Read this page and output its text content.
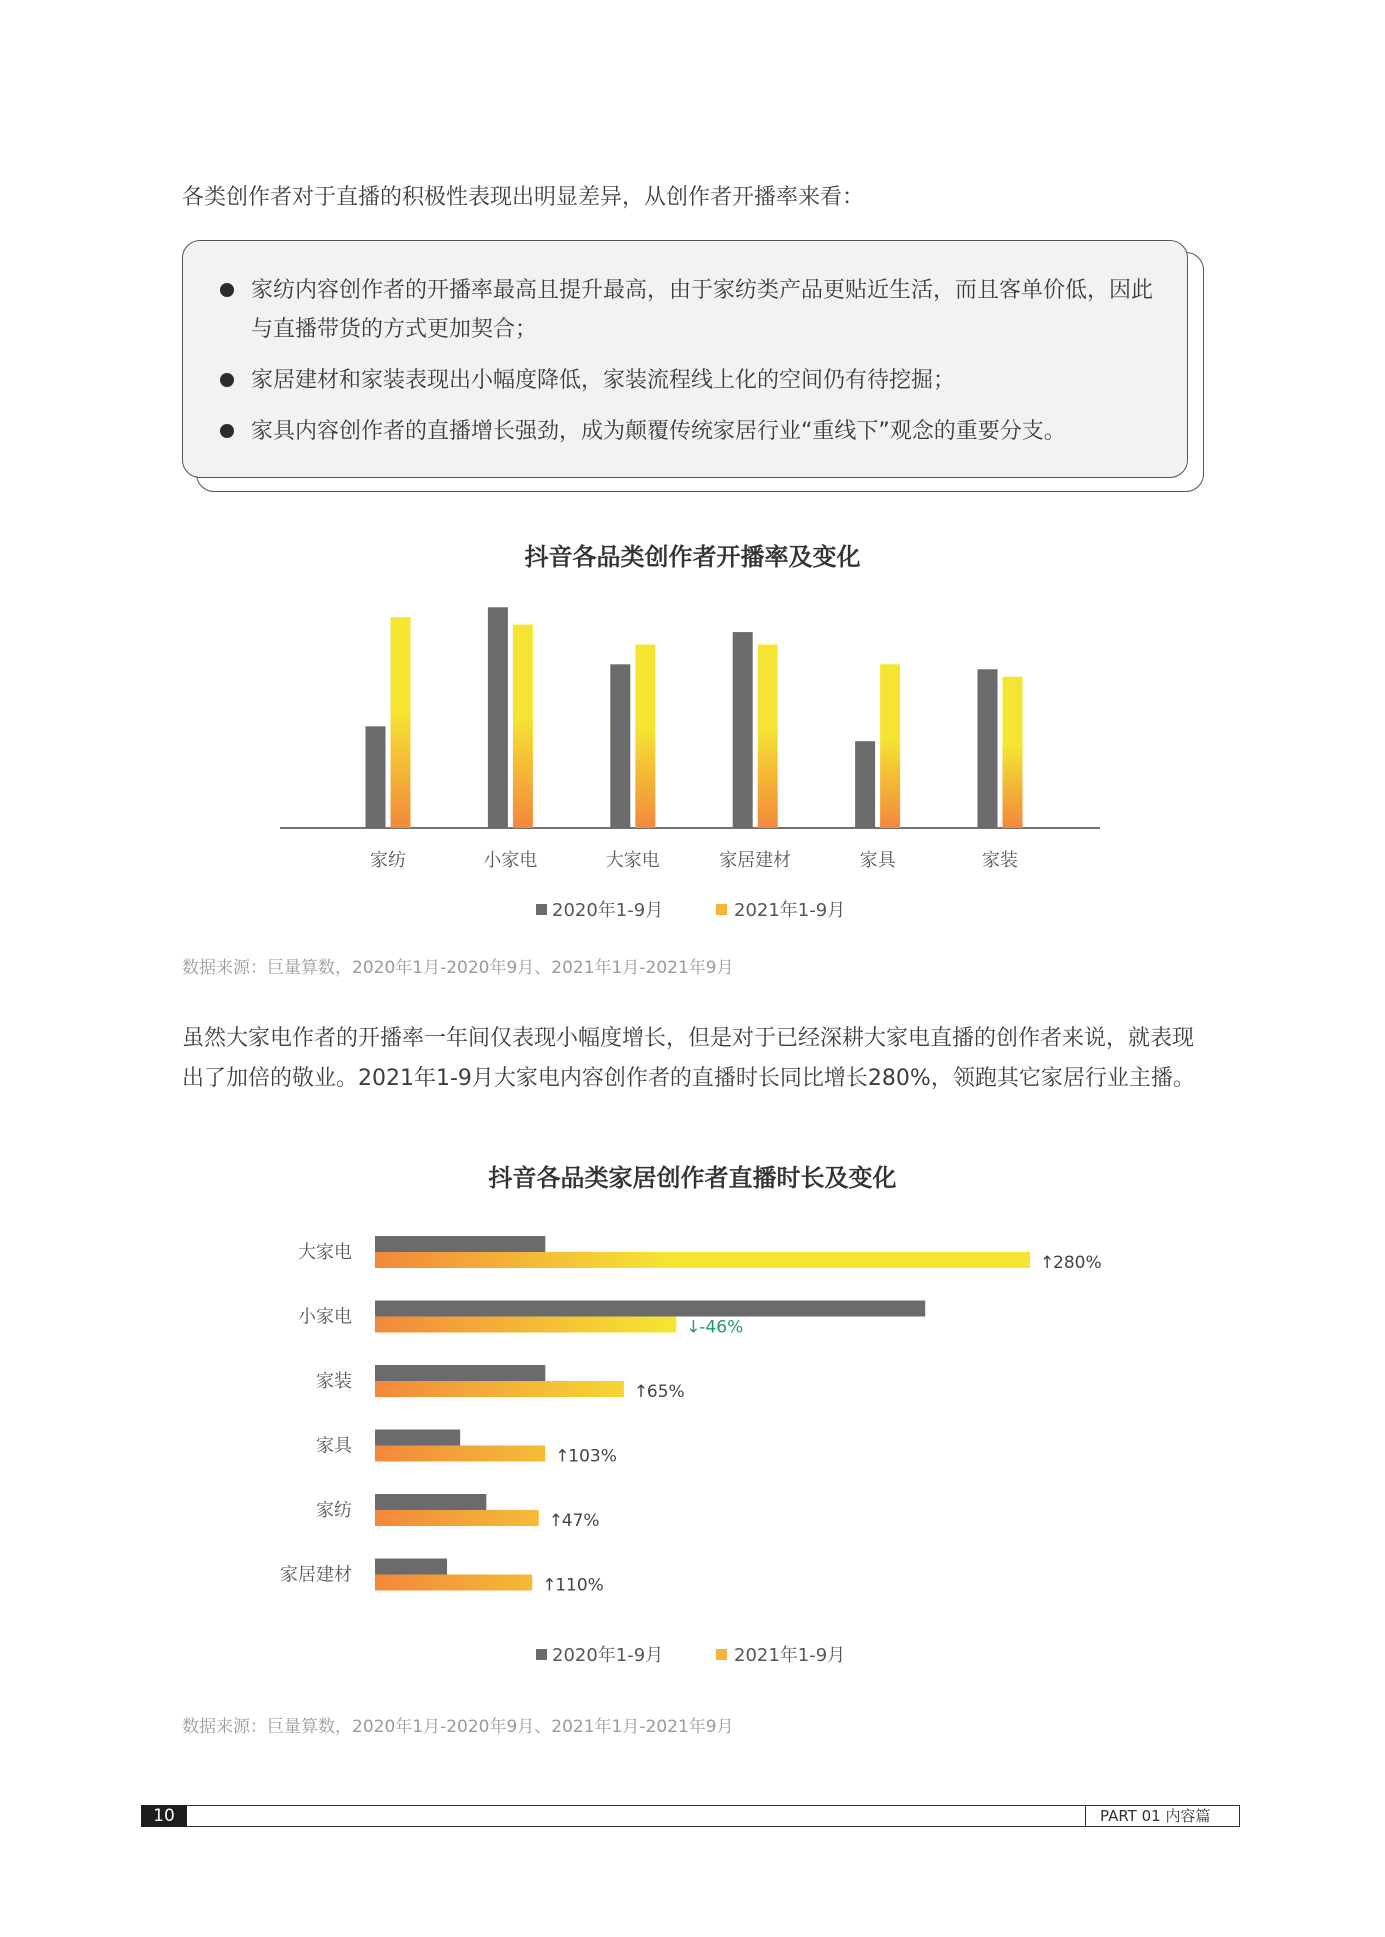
各类创作者对于直播的积极性表现出明显差异，从创作者开播率来看：

家纺内容创作者的开播率最高且提升最高，由于家纺类产品更贴近生活，而且客单价低，因此与直播带货的方式更加契合；
家居建材和家装表现出小幅度降低，家装流程线上化的空间仍有待挖掘；
家具内容创作者的直播增长强劲，成为颠覆传统家居行业“重线下”观念的重要分支。
抖音各品类创作者开播率及变化
家纺	小家电	大家电	家居建材	家具	家装
2020年1-9月	2021年1-9月

数据来源：巨量算数，2020年1月-2020年9月、2021年1月-2021年9月

虽然大家电作者的开播率一年间仅表现小幅度增长，但是对于已经深耕大家电直播的创作者来说，就表现出了加倍的敬业。2021年1-9月大家电内容创作者的直播时长同比增长280%，领跑其它家居行业主播。

抖音各品类家居创作者直播时长及变化
大家电	↑
280%
小家电	↓
-46%
家装	↑
65%
家具	↑
103%
家纺	↑
47%
家居建材	↑
110%
2020年1-9月	2021年1-9月

数据来源：巨量算数，2020年1月-2020年9月、2021年1月-2021年9月

10	PART 01 内容篇
